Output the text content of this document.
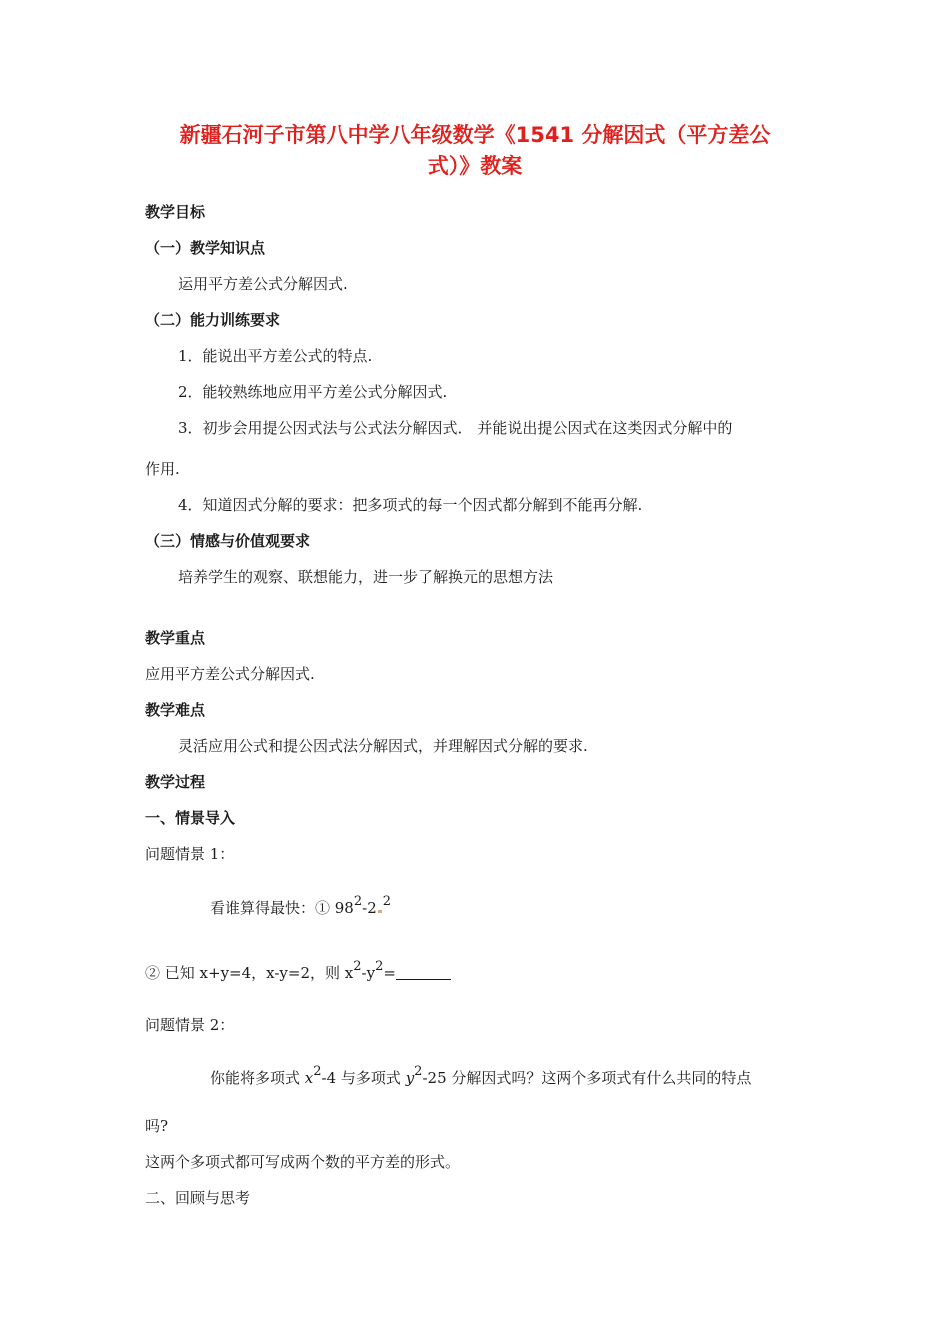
新疆石河子市第八中学八年级数学《1541 分解因式（平方差公
式）》教案
教学目标
（一）教学知识点
运用平方差公式分解因式.
（二）能力训练要求
1．能说出平方差公式的特点.
2．能较熟练地应用平方差公式分解因式.
3．初步会用提公因式法与公式法分解因式． 并能说出提公因式在这类因式分解中的
作用.
4．知道因式分解的要求：把多项式的每一个因式都分解到不能再分解.
（三）情感与价值观要求
培养学生的观察、联想能力，进一步了解换元的思想方法
教学重点
应用平方差公式分解因式.
教学难点
灵活应用公式和提公因式法分解因式，并理解因式分解的要求.
教学过程
一、情景导入
问题情景 1：
看谁算得最快：① 982-2 2
② 已知 x+y=4，x-y=2，则 x2-y2=
问题情景 2：
你能将多项式 x2-4 与多项式 y2-25 分解因式吗？这两个多项式有什么共同的特点
吗?
这两个多项式都可写成两个数的平方差的形式。
二、回顾与思考
